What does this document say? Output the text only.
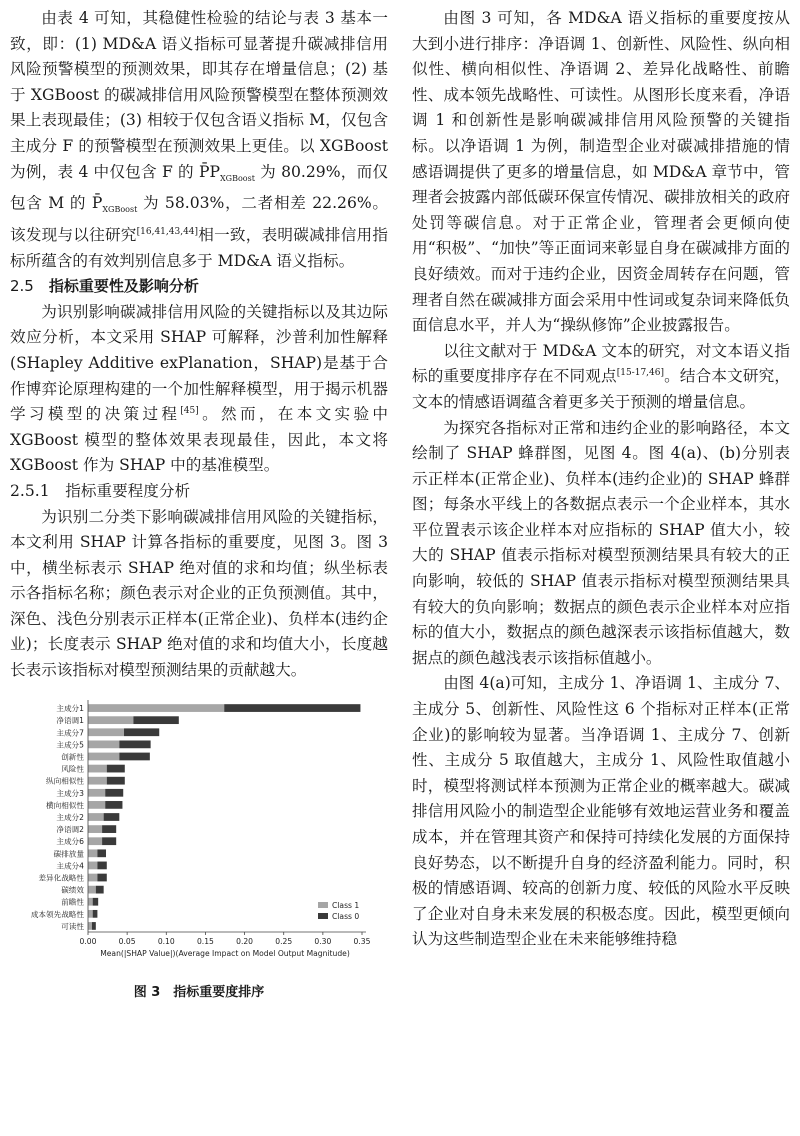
由表 4 可知，其稳健性检验的结论与表 3 基本一致，即：(1) MD&A 语义指标可显著提升碳减排信用风险预警模型的预测效果，即其存在增量信息；(2) 基于 XGBoost 的碳减排信用风险预警模型在整体预测效果上表现最佳；(3) 相较于仅包含语义指标 M，仅包含主成分 F 的预警模型在预测效果上更佳。以 XGBoost 为例，表 4 中仅包含 F 的 $P̄P_{XGBoost}$ 为 80.29%，而仅包含 M 的 $P̄_{XGBoost}$ 为 58.03%，二者相差 22.26%。该发现与以往研究[16,41,43,44]相一致，表明碳减排信用指标所蕴含的有效判别信息多于 MD&A 语义指标。

2.5 指标重要性及影响分析

为识别影响碳减排信用风险的关键指标以及其边际效应分析，本文采用 SHAP 可解释，沙普利加性解释(SHapley Additive exPlanation，SHAP)是基于合作博弈论原理构建的一个加性解释模型，用于揭示机器学习模型的决策过程[45]。然而，在本文实验中 XGBoost 模型的整体效果表现最佳，因此，本文将 XGBoost 作为 SHAP 中的基准模型。

2.5.1 指标重要程度分析

为识别二分类下影响碳减排信用风险的关键指标，本文利用 SHAP 计算各指标的重要度，见图 3。图 3 中，横坐标表示 SHAP 绝对值的求和均值；纵坐标表示各指标名称；颜色表示对企业的正负预测值。其中，深色、浅色分别表示正样本(正常企业)、负样本(违约企业)；长度表示 SHAP 绝对值的求和均值大小，长度越长表示该指标对模型预测结果的贡献越大。

主成分1
净语调1
主成分7
主成分5
创新性
风险性
纵向相似性
主成分3
横向相似性
主成分2
净语调2
主成分6
碳排放量
主成分4
差异化战略性
碳绩效
前瞻性
成本领先战略性
可读性
0.00	0.05	0.10	0.15	0.20	0.25	0.30	0.35
Mean(|SHAP Value|)(Average Impact on Model Output Magnitude)
Class 1
Class 0
图 3 指标重要度排序

由图 3 可知，各 MD&A 语义指标的重要度按从大到小进行排序：净语调 1、创新性、风险性、纵向相似性、横向相似性、净语调 2、差异化战略性、前瞻性、成本领先战略性、可读性。从图形长度来看，净语调 1 和创新性是影响碳减排信用风险预警的关键指标。以净语调 1 为例，制造型企业对碳减排措施的情感语调提供了更多的增量信息，如 MD&A 章节中，管理者会披露内部低碳环保宣传情况、碳排放相关的政府处罚等碳信息。对于正常企业，管理者会更倾向使用“积极”、“加快”等正面词来彰显自身在碳减排方面的良好绩效。而对于违约企业，因资金周转存在问题，管理者自然在碳减排方面会采用中性词或复杂词来降低负面信息水平，并人为“操纵修饰”企业披露报告。

以往文献对于 MD&A 文本的研究，对文本语义指标的重要度排序存在不同观点[15-17,46]。结合本文研究，文本的情感语调蕴含着更多关于预测的增量信息。

为探究各指标对正常和违约企业的影响路径，本文绘制了 SHAP 蜂群图，见图 4。图 4(a)、(b)分别表示正样本(正常企业)、负样本(违约企业)的 SHAP 蜂群图；每条水平线上的各数据点表示一个企业样本，其水平位置表示该企业样本对应指标的 SHAP 值大小，较大的 SHAP 值表示指标对模型预测结果具有较大的正向影响，较低的 SHAP 值表示指标对模型预测结果具有较大的负向影响；数据点的颜色表示企业样本对应指标的值大小，数据点的颜色越深表示该指标值越大，数据点的颜色越浅表示该指标值越小。

由图 4(a)可知，主成分 1、净语调 1、主成分 7、主成分 5、创新性、风险性这 6 个指标对正样本(正常企业)的影响较为显著。当净语调 1、主成分 7、创新性、主成分 5 取值越大，主成分 1、风险性取值越小时，模型将测试样本预测为正常企业的概率越大。碳减排信用风险小的制造型企业能够有效地运营业务和覆盖成本，并在管理其资产和保持可持续化发展的方面保持良好势态，以不断提升自身的经济盈利能力。同时，积极的情感语调、较高的创新力度、较低的风险水平反映了企业对自身未来发展的积极态度。因此，模型更倾向认为这些制造型企业在未来能够维持稳
